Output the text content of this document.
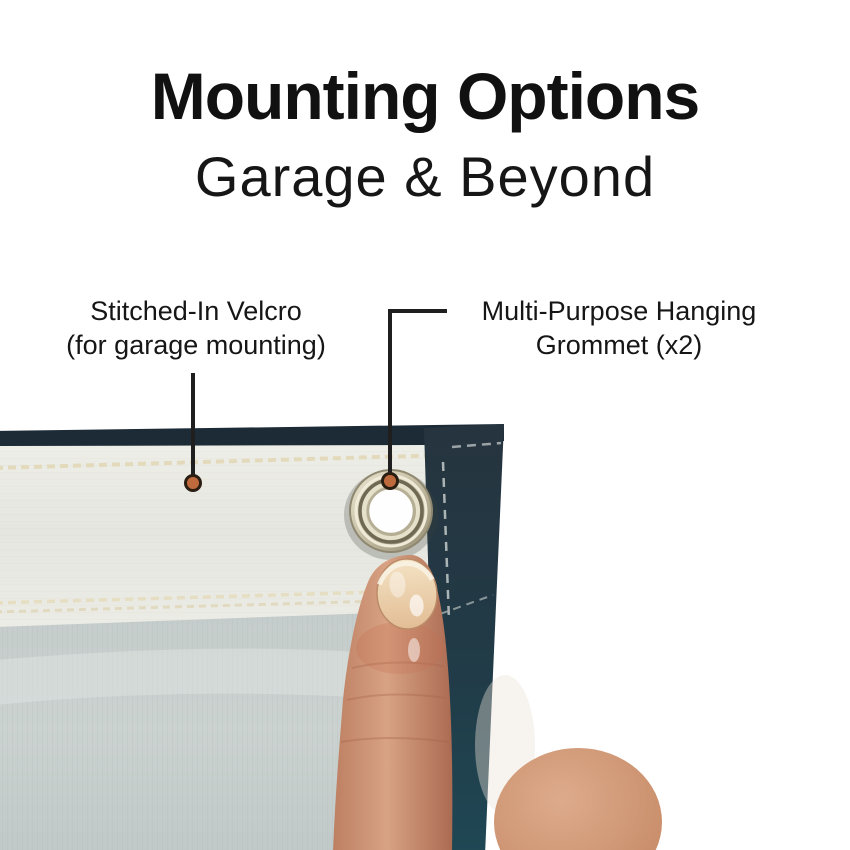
Mounting Options
Garage & Beyond
Stitched-In Velcro
(for garage mounting)
Multi-Purpose Hanging
Grommet (x2)
